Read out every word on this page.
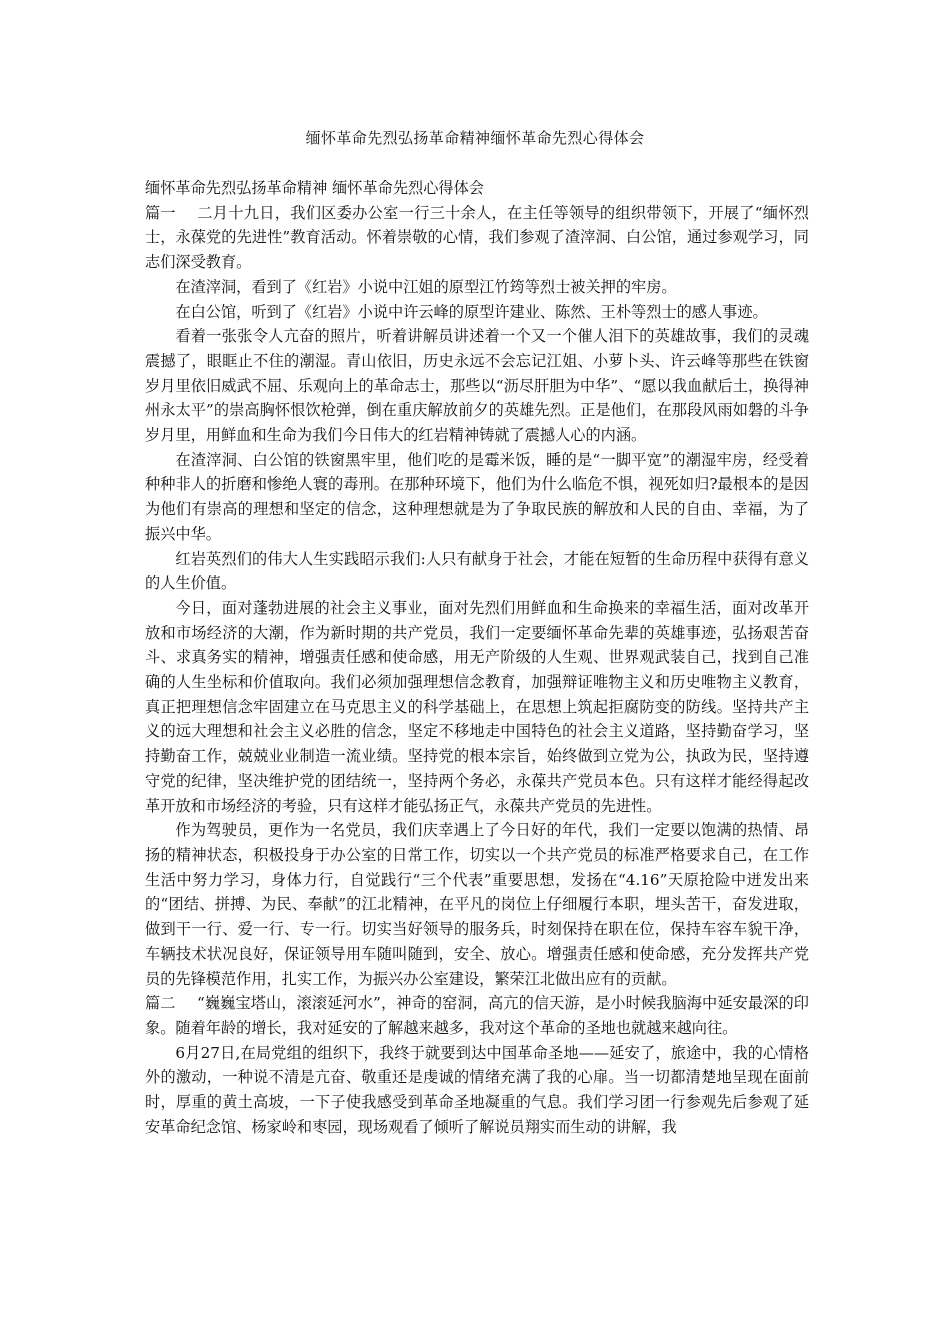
缅怀革命先烈弘扬革命精神缅怀革命先烈心得体会

缅怀革命先烈弘扬革命精神 缅怀革命先烈心得体会

篇一 二月十九日，我们区委办公室一行三十余人，在主任等领导的组织带领下，开展了“缅怀烈士，永葆党的先进性”教育活动。怀着崇敬的心情，我们参观了渣滓洞、白公馆，通过参观学习，同志们深受教育。

在渣滓洞，看到了《红岩》小说中江姐的原型江竹筠等烈士被关押的牢房。

在白公馆，听到了《红岩》小说中许云峰的原型许建业、陈然、王朴等烈士的感人事迹。

看着一张张令人亢奋的照片，听着讲解员讲述着一个又一个催人泪下的英雄故事，我们的灵魂震撼了，眼眶止不住的潮湿。青山依旧，历史永远不会忘记江姐、小萝卜头、许云峰等那些在铁窗岁月里依旧威武不屈、乐观向上的革命志士，那些以“沥尽肝胆为中华”、“愿以我血献后土，换得神州永太平”的崇高胸怀恨饮枪弹，倒在重庆解放前夕的英雄先烈。正是他们，在那段风雨如磐的斗争岁月里，用鲜血和生命为我们今日伟大的红岩精神铸就了震撼人心的内涵。

在渣滓洞、白公馆的铁窗黑牢里，他们吃的是霉米饭，睡的是“一脚平宽”的潮湿牢房，经受着种种非人的折磨和惨绝人寰的毒刑。在那种环境下，他们为什么临危不惧，视死如归?最根本的是因为他们有崇高的理想和坚定的信念，这种理想就是为了争取民族的解放和人民的自由、幸福，为了振兴中华。

红岩英烈们的伟大人生实践昭示我们:人只有献身于社会，才能在短暂的生命历程中获得有意义的人生价值。

今日，面对蓬勃进展的社会主义事业，面对先烈们用鲜血和生命换来的幸福生活，面对改革开放和市场经济的大潮，作为新时期的共产党员，我们一定要缅怀革命先辈的英雄事迹，弘扬艰苦奋斗、求真务实的精神，增强责任感和使命感，用无产阶级的人生观、世界观武装自己，找到自己准确的人生坐标和价值取向。我们必须加强理想信念教育，加强辩证唯物主义和历史唯物主义教育，真正把理想信念牢固建立在马克思主义的科学基础上，在思想上筑起拒腐防变的防线。坚持共产主义的远大理想和社会主义必胜的信念，坚定不移地走中国特色的社会主义道路，坚持勤奋学习，坚持勤奋工作，兢兢业业制造一流业绩。坚持党的根本宗旨，始终做到立党为公，执政为民，坚持遵守党的纪律，坚决维护党的团结统一，坚持两个务必，永葆共产党员本色。只有这样才能经得起改革开放和市场经济的考验，只有这样才能弘扬正气，永葆共产党员的先进性。

作为驾驶员，更作为一名党员，我们庆幸遇上了今日好的年代，我们一定要以饱满的热情、昂扬的精神状态，积极投身于办公室的日常工作，切实以一个共产党员的标准严格要求自己，在工作生活中努力学习，身体力行，自觉践行“三个代表”重要思想，发扬在“4.16”天原抢险中迸发出来的“团结、拼搏、为民、奉献”的江北精神，在平凡的岗位上仔细履行本职，埋头苦干，奋发进取，做到干一行、爱一行、专一行。切实当好领导的服务兵，时刻保持在职在位，保持车容车貌干净，车辆技术状况良好，保证领导用车随叫随到，安全、放心。增强责任感和使命感，充分发挥共产党员的先锋模范作用，扎实工作，为振兴办公室建设，繁荣江北做出应有的贡献。

篇二 “巍巍宝塔山，滚滚延河水”，神奇的窑洞，高亢的信天游，是小时候我脑海中延安最深的印象。随着年龄的增长，我对延安的了解越来越多，我对这个革命的圣地也就越来越向往。

6月27日,在局党组的组织下，我终于就要到达中国革命圣地——延安了，旅途中，我的心情格外的激动，一种说不清是亢奋、敬重还是虔诚的情绪充满了我的心扉。当一切都清楚地呈现在面前时，厚重的黄土高坡，一下子使我感受到革命圣地凝重的气息。我们学习团一行参观先后参观了延安革命纪念馆、杨家岭和枣园，现场观看了倾听了解说员翔实而生动的讲解，我
